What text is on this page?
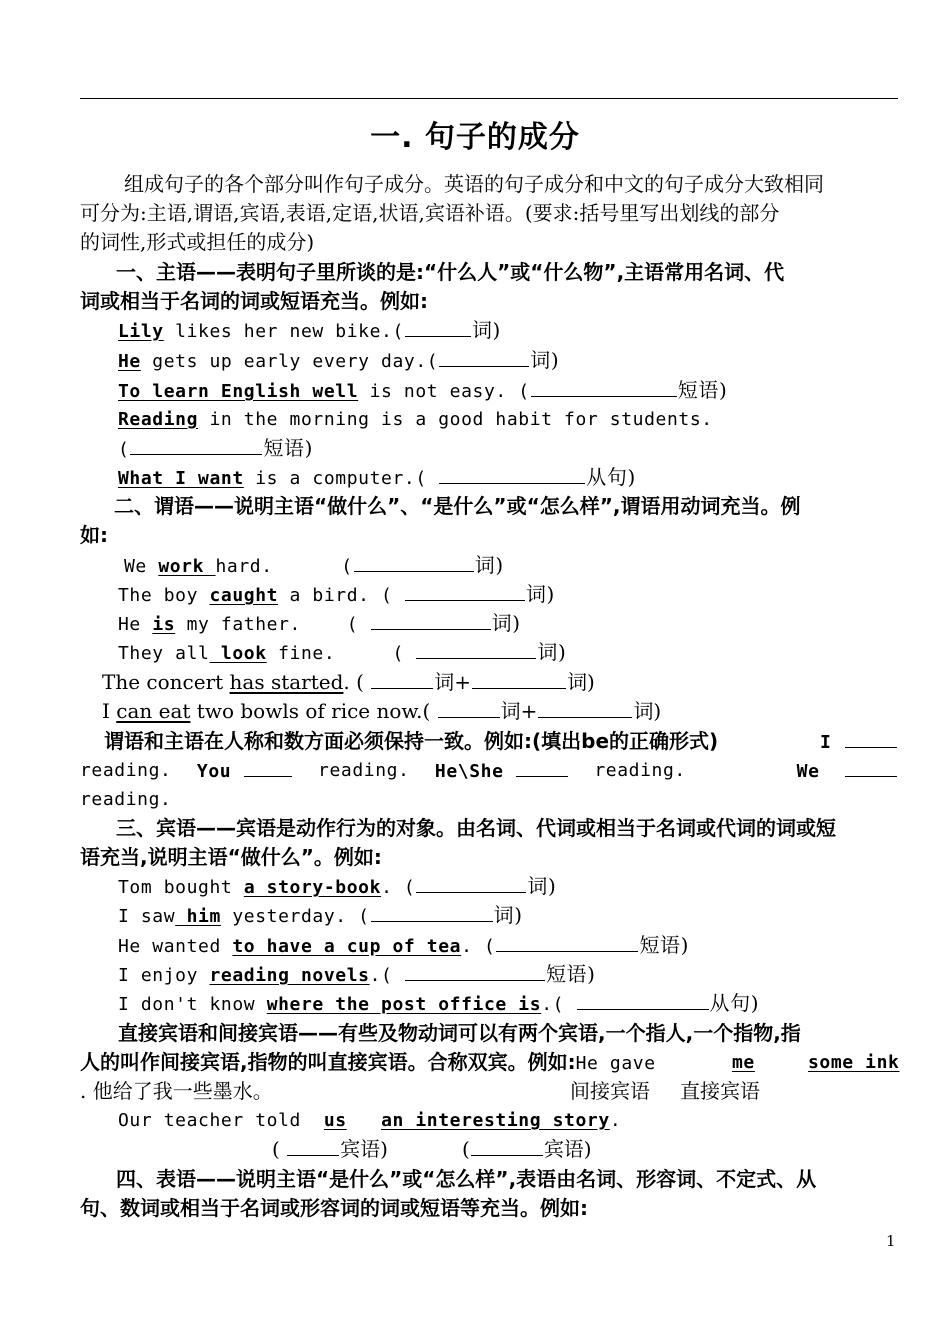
一. 句子的成分
组成句子的各个部分叫作句子成分。英语的句子成分和中文的句子成分大致相同
可分为:主语,谓语,宾语,表语,定语,状语,宾语补语。(要求:括号里写出划线的部分
的词性,形式或担任的成分)
一、主语——表明句子里所谈的是:“什么人”或“什么物”,主语常用名词、代
词或相当于名词的词或短语充当。例如:
Lily likes her new bike.(	词)
He gets up early every day.(	词)
To learn English well is not easy. (	短语)
Reading in the morning is a good habit for students.
(	短语)
What I want is a computer.(	从句)
二、谓语——说明主语“做什么”、“是什么”或“怎么样”,谓语用动词充当。例
如:
We work hard.      (	词)
The boy caught a bird. (	词)
He is my father.    (	词)
They all look fine.     (	词)
The concert has started. (	词+	词)
I can eat two bowls of rice now.(	词+	词)
谓语和主语在人称和数方面必须保持一致。例如:(填出be的正确形式)	I
reading. You	reading. He\She	reading.	We
reading.
三、宾语——宾语是动作行为的对象。由名词、代词或相当于名词或代词的词或短
语充当,说明主语“做什么”。例如:
Tom bought a story-book. (	词)
I saw him yesterday. (	词)
He wanted to have a cup of tea. (	短语)
I enjoy reading novels.(	短语)
I don't know where the post office is.(	从句)
直接宾语和间接宾语——有些及物动词可以有两个宾语,一个指人,一个指物,指
人的叫作间接宾语,指物的叫直接宾语。合称双宾。例如:He gave	me	some ink
. 他给了我一些墨水。	间接宾语 直接宾语
Our teacher told  us an interesting story.
(	宾语)	(	宾语)
四、表语——说明主语“是什么”或“怎么样”,表语由名词、形容词、不定式、从
句、数词或相当于名词或形容词的词或短语等充当。例如:
1
